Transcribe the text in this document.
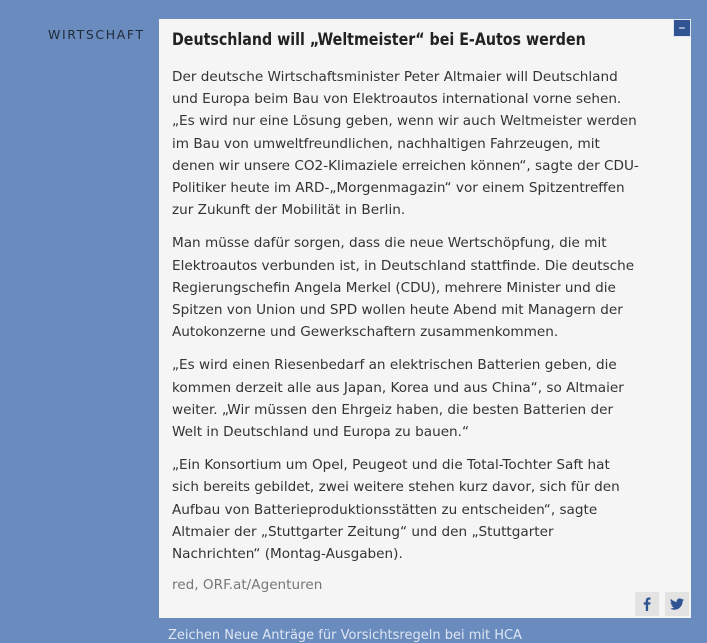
WIRTSCHAFT	–
Deutschland will „Weltmeister“ bei E-Autos werden

Der deutsche Wirtschaftsminister Peter Altmaier will Deutschland
und Europa beim Bau von Elektroautos international vorne sehen.
„Es wird nur eine Lösung geben, wenn wir auch Weltmeister werden
im Bau von umweltfreundlichen, nachhaltigen Fahrzeugen, mit
denen wir unsere CO2-Klimaziele erreichen können“, sagte der CDU-
Politiker heute im ARD-„Morgenmagazin“ vor einem Spitzentreffen
zur Zukunft der Mobilität in Berlin.

Man müsse dafür sorgen, dass die neue Wertschöpfung, die mit
Elektroautos verbunden ist, in Deutschland stattfinde. Die deutsche
Regierungschefin Angela Merkel (CDU), mehrere Minister und die
Spitzen von Union und SPD wollen heute Abend mit Managern der
Autokonzerne und Gewerkschaftern zusammenkommen.

„Es wird einen Riesenbedarf an elektrischen Batterien geben, die
kommen derzeit alle aus Japan, Korea und aus China“, so Altmaier
weiter. „Wir müssen den Ehrgeiz haben, die besten Batterien der
Welt in Deutschland und Europa zu bauen.“

„Ein Konsortium um Opel, Peugeot und die Total-Tochter Saft hat
sich bereits gebildet, zwei weitere stehen kurz davor, sich für den
Aufbau von Batterieproduktionsstätten zu entscheiden“, sagte
Altmaier der „Stuttgarter Zeitung“ und den „Stuttgarter
Nachrichten“ (Montag-Ausgaben).

red, ORF.at/Agenturen
Zeichen Neue Anträge für Vorsichtsregeln bei mit HCA
